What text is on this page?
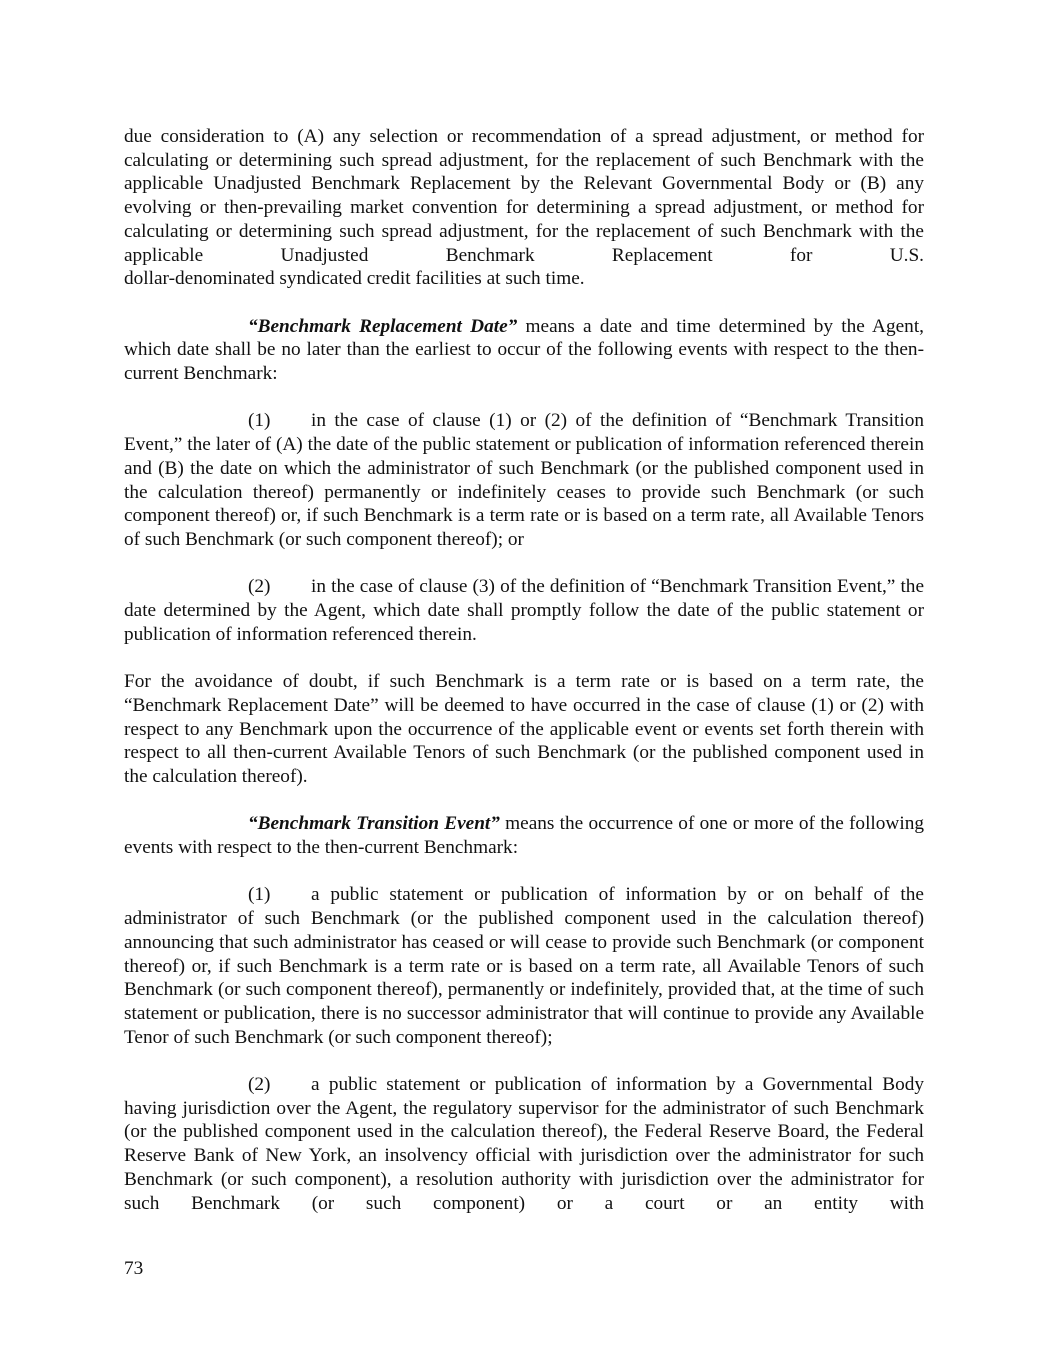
due consideration to (A) any selection or recommendation of a spread adjustment, or method for calculating or determining such spread adjustment, for the replacement of such Benchmark with the applicable Unadjusted Benchmark Replacement by the Relevant Governmental Body or (B) any evolving or then-prevailing market convention for determining a spread adjustment, or method for calculating or determining such spread adjustment, for the replacement of such Benchmark with the applicable Unadjusted Benchmark Replacement for U.S.
dollar-denominated syndicated credit facilities at such time.

“Benchmark Replacement Date” means a date and time determined by the Agent, which date shall be no later than the earliest to occur of the following events with respect to the then-current Benchmark:

(1) in the case of clause (1) or (2) of the definition of “Benchmark Transition Event,” the later of (A) the date of the public statement or publication of information referenced therein and (B) the date on which the administrator of such Benchmark (or the published component used in the calculation thereof) permanently or indefinitely ceases to provide such Benchmark (or such component thereof) or, if such Benchmark is a term rate or is based on a term rate, all Available Tenors of such Benchmark (or such component thereof); or

(2) in the case of clause (3) of the definition of “Benchmark Transition Event,” the date determined by the Agent, which date shall promptly follow the date of the public statement or publication of information referenced therein.

For the avoidance of doubt, if such Benchmark is a term rate or is based on a term rate, the “Benchmark Replacement Date” will be deemed to have occurred in the case of clause (1) or (2) with respect to any Benchmark upon the occurrence of the applicable event or events set forth therein with respect to all then-current Available Tenors of such Benchmark (or the published component used in the calculation thereof).

“Benchmark Transition Event” means the occurrence of one or more of the following events with respect to the then-current Benchmark:

(1) a public statement or publication of information by or on behalf of the administrator of such Benchmark (or the published component used in the calculation thereof) announcing that such administrator has ceased or will cease to provide such Benchmark (or component thereof) or, if such Benchmark is a term rate or is based on a term rate, all Available Tenors of such Benchmark (or such component thereof), permanently or indefinitely, provided that, at the time of such statement or publication, there is no successor administrator that will continue to provide any Available Tenor of such Benchmark (or such component thereof);

(2) a public statement or publication of information by a Governmental Body having jurisdiction over the Agent, the regulatory supervisor for the administrator of such Benchmark (or the published component used in the calculation thereof), the Federal Reserve Board, the Federal Reserve Bank of New York, an insolvency official with jurisdiction over the administrator for such Benchmark (or such component), a resolution authority with jurisdiction over the administrator for such Benchmark (or such component) or a court or an entity with

73
